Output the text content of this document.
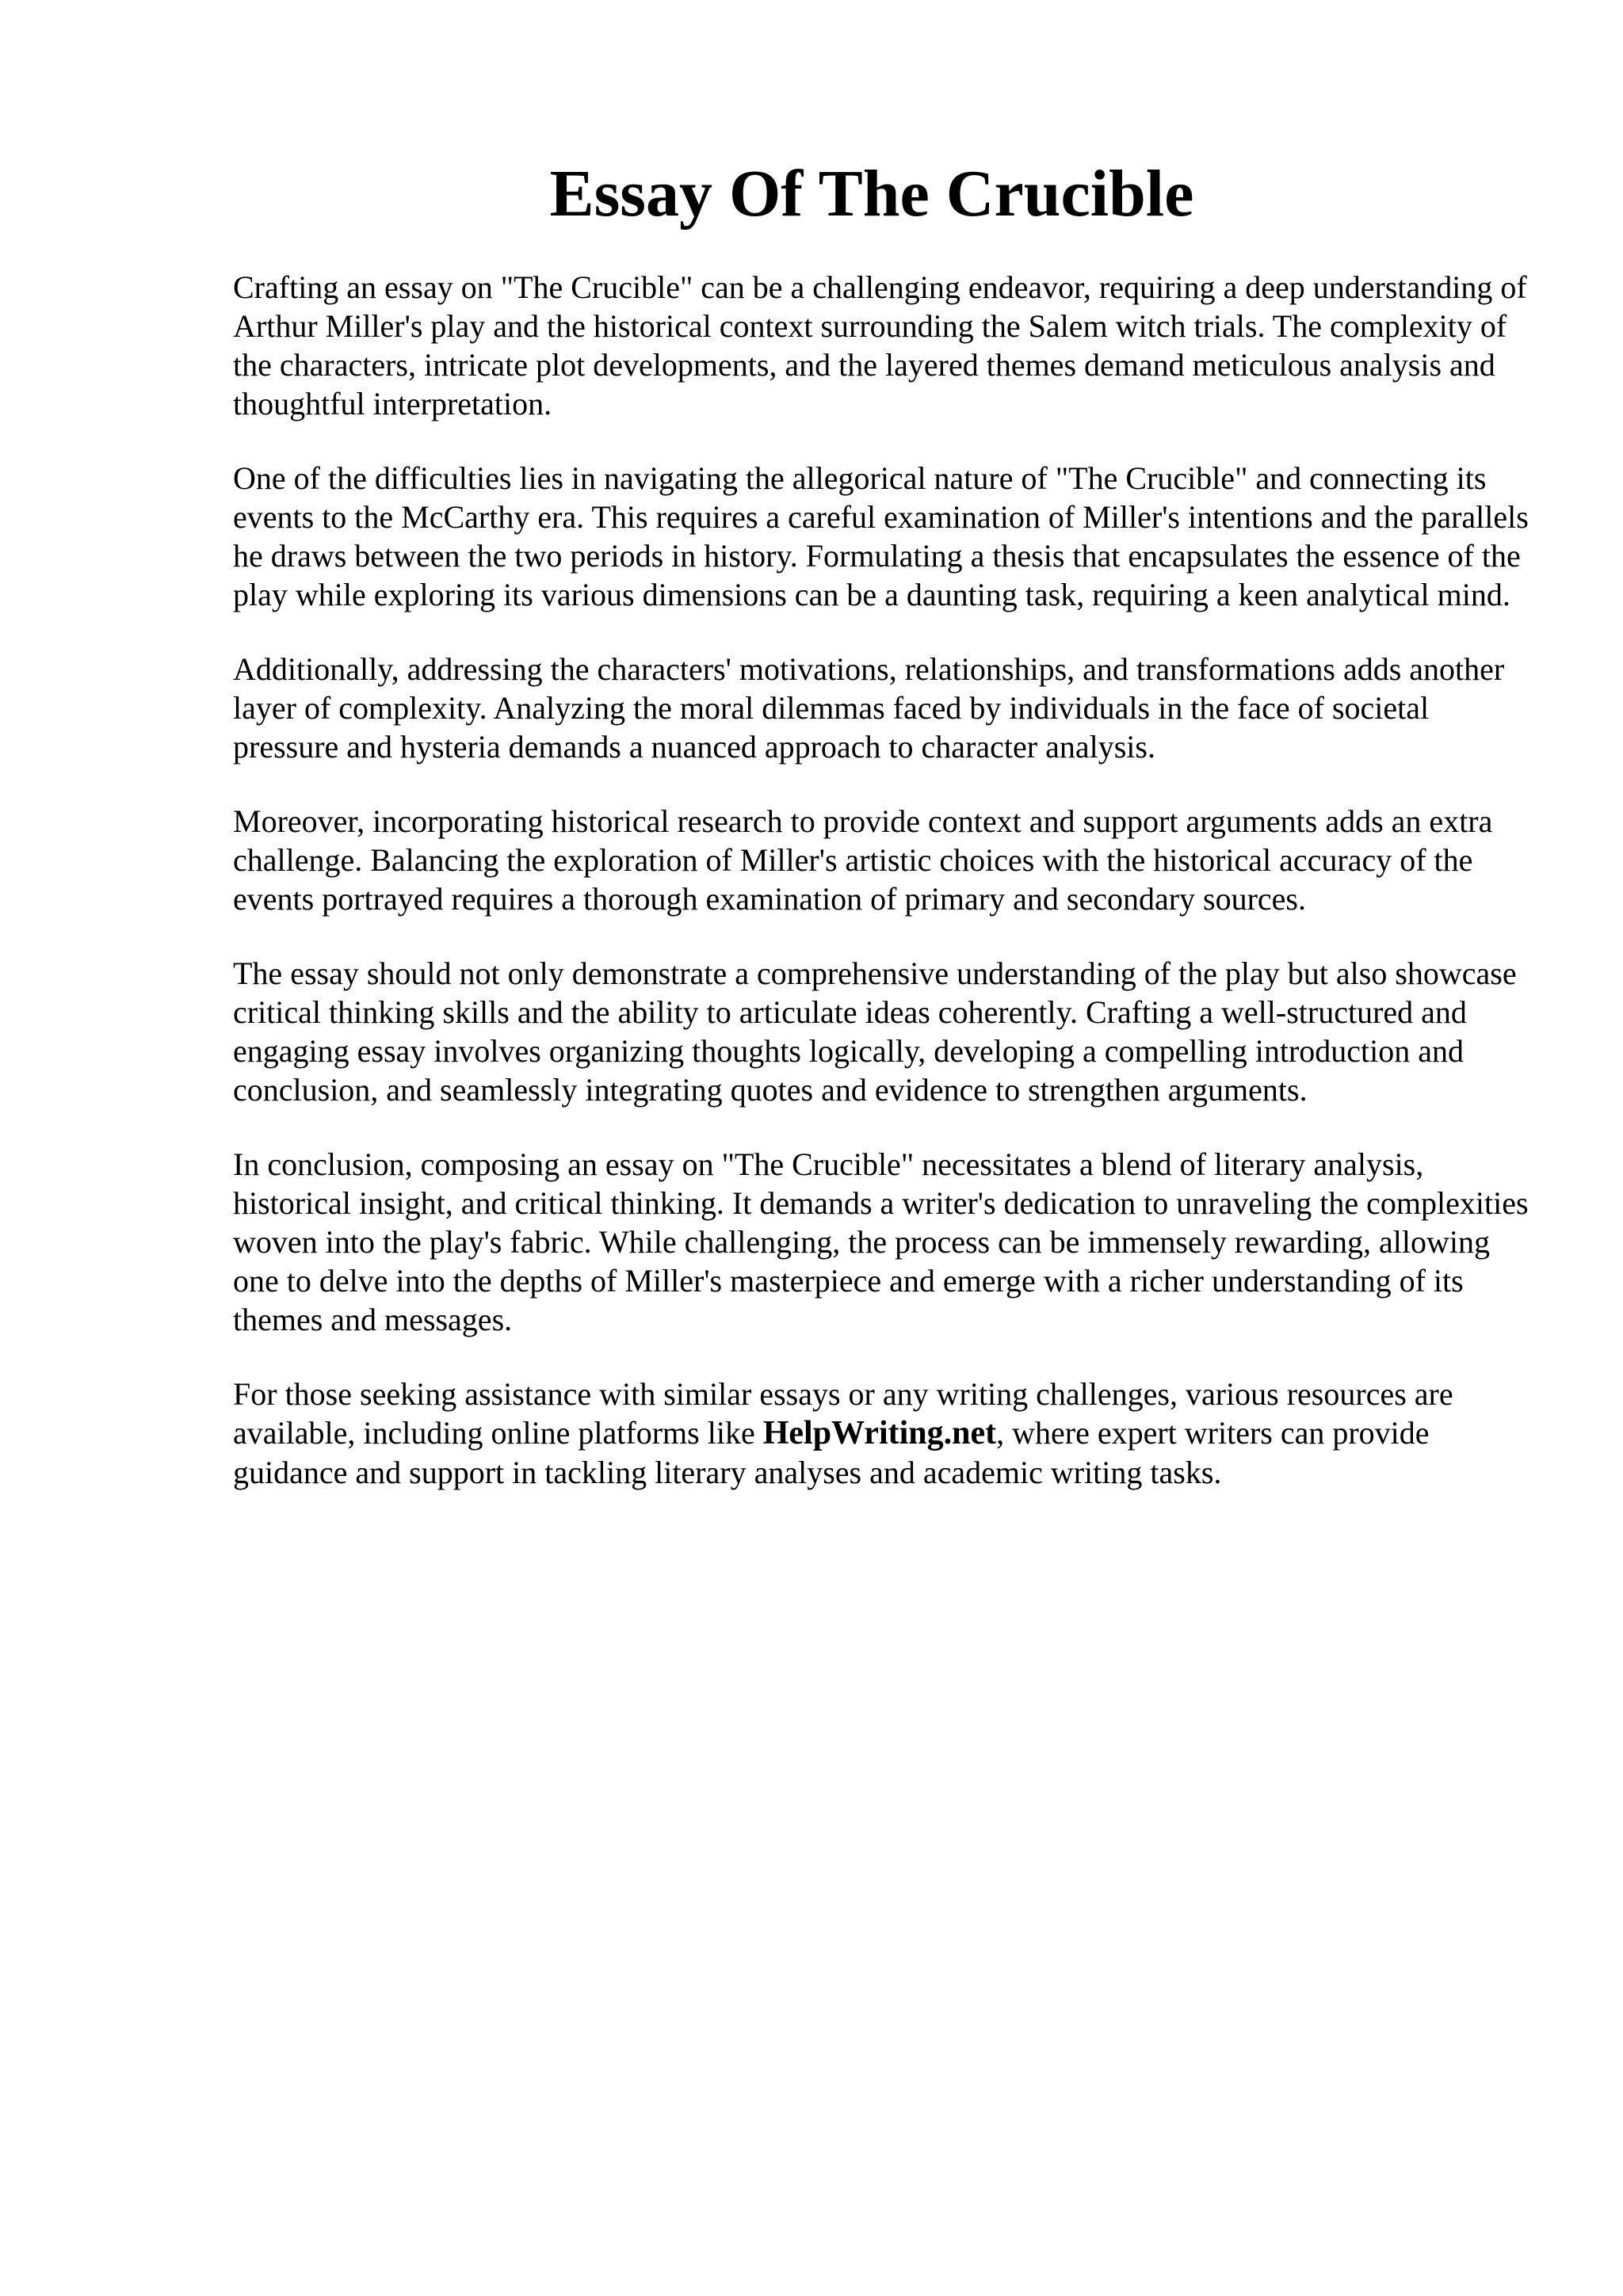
Essay Of The Crucible

Crafting an essay on "The Crucible" can be a challenging endeavor, requiring a deep understanding of Arthur Miller's play and the historical context surrounding the Salem witch trials. The complexity of the characters, intricate plot developments, and the layered themes demand meticulous analysis and thoughtful interpretation.

One of the difficulties lies in navigating the allegorical nature of "The Crucible" and connecting its events to the McCarthy era. This requires a careful examination of Miller's intentions and the parallels he draws between the two periods in history. Formulating a thesis that encapsulates the essence of the play while exploring its various dimensions can be a daunting task, requiring a keen analytical mind.

Additionally, addressing the characters' motivations, relationships, and transformations adds another layer of complexity. Analyzing the moral dilemmas faced by individuals in the face of societal pressure and hysteria demands a nuanced approach to character analysis.

Moreover, incorporating historical research to provide context and support arguments adds an extra challenge. Balancing the exploration of Miller's artistic choices with the historical accuracy of the events portrayed requires a thorough examination of primary and secondary sources.

The essay should not only demonstrate a comprehensive understanding of the play but also showcase critical thinking skills and the ability to articulate ideas coherently. Crafting a well-structured and engaging essay involves organizing thoughts logically, developing a compelling introduction and conclusion, and seamlessly integrating quotes and evidence to strengthen arguments.

In conclusion, composing an essay on "The Crucible" necessitates a blend of literary analysis, historical insight, and critical thinking. It demands a writer's dedication to unraveling the complexities woven into the play's fabric. While challenging, the process can be immensely rewarding, allowing one to delve into the depths of Miller's masterpiece and emerge with a richer understanding of its themes and messages.

For those seeking assistance with similar essays or any writing challenges, various resources are available, including online platforms like HelpWriting.net, where expert writers can provide guidance and support in tackling literary analyses and academic writing tasks.
